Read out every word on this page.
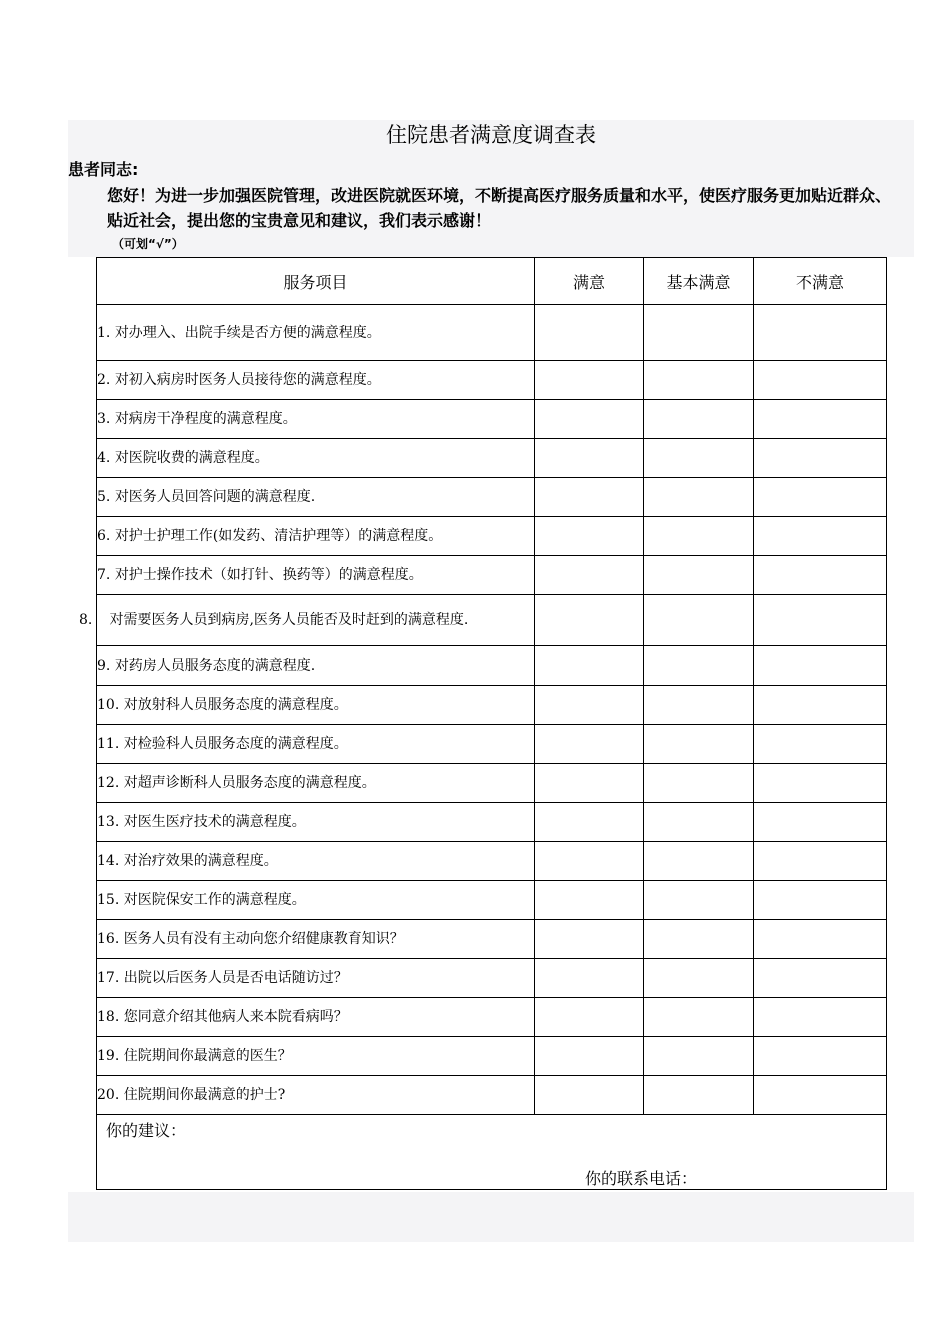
住院患者满意度调查表
患者同志:
您好！为进一步加强医院管理，改进医院就医环境，不断提高医疗服务质量和水平，使医疗服务更加贴近群众、贴近社会，提出您的宝贵意见和建议，我们表示感谢！
（可划“√”）
服务项目	满意	基本满意	不满意
1. 对办理入、出院手续是否方便的满意程度。			
2. 对初入病房时医务人员接待您的满意程度。			
3. 对病房干净程度的满意程度。			
4. 对医院收费的满意程度。			
5. 对医务人员回答问题的满意程度.			
6. 对护士护理工作(如发药、清洁护理等）的满意程度。			
7. 对护士操作技术（如打针、换药等）的满意程度。			
8. 对需要医务人员到病房,医务人员能否及时赶到的满意程度.			
9. 对药房人员服务态度的满意程度.			
10. 对放射科人员服务态度的满意程度。			
11. 对检验科人员服务态度的满意程度。			
12. 对超声诊断科人员服务态度的满意程度。			
13. 对医生医疗技术的满意程度。			
14. 对治疗效果的满意程度。			
15. 对医院保安工作的满意程度。			
16. 医务人员有没有主动向您介绍健康教育知识？			
17. 出院以后医务人员是否电话随访过？			
18. 您同意介绍其他病人来本院看病吗？			
19. 住院期间你最满意的医生？			
20. 住院期间你最满意的护士?			

你的建议：
你的联系电话：			
